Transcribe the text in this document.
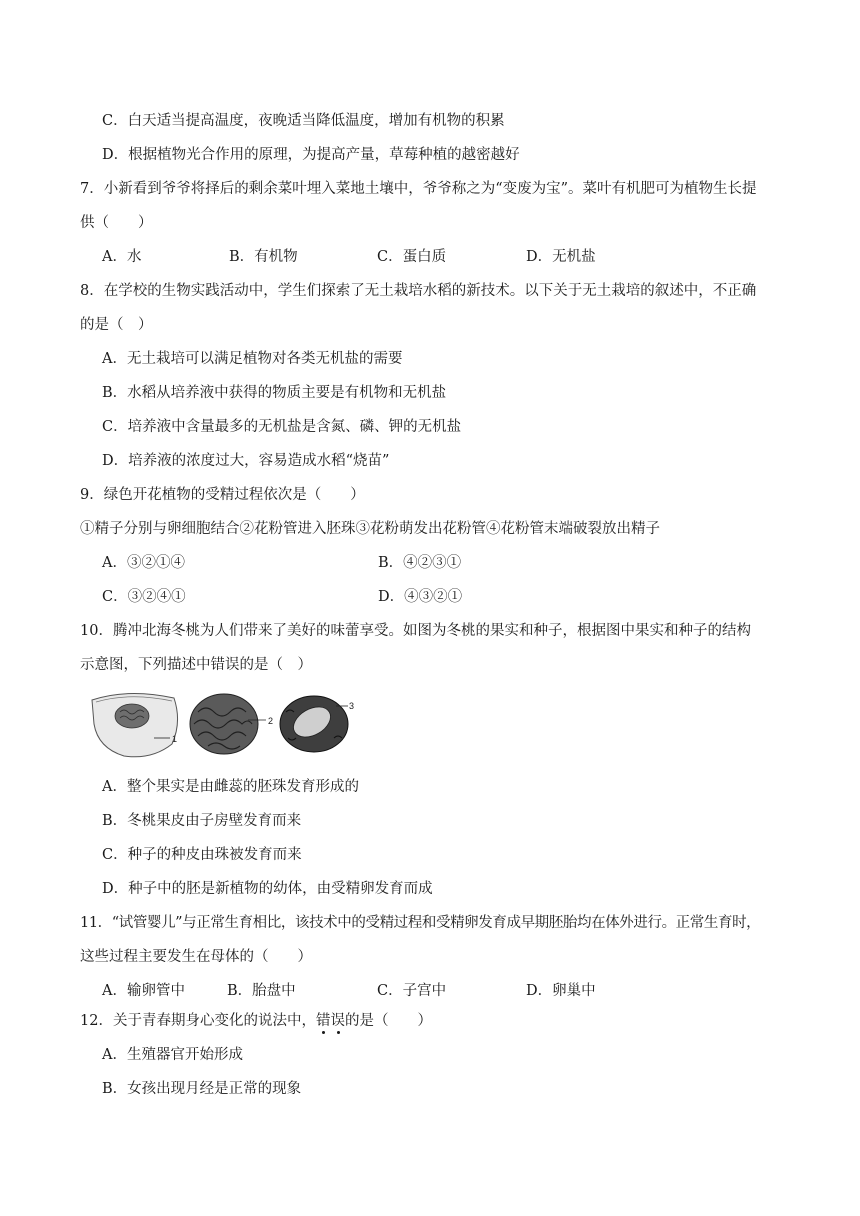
C．白天适当提高温度，夜晚适当降低温度，增加有机物的积累
D．根据植物光合作用的原理，为提高产量，草莓种植的越密越好
7．小新看到爷爷将择后的剩余菜叶埋入菜地土壤中，爷爷称之为“变废为宝”。菜叶有机肥可为植物生长提
供（　　）
A．水	B．有机物	C．蛋白质	D．无机盐
8．在学校的生物实践活动中，学生们探索了无土栽培水稻的新技术。以下关于无土栽培的叙述中，不正确
的是（　）
A．无土栽培可以满足植物对各类无机盐的需要
B．水稻从培养液中获得的物质主要是有机物和无机盐
C．培养液中含量最多的无机盐是含氮、磷、钾的无机盐
D．培养液的浓度过大，容易造成水稻“烧苗”
9．绿色开花植物的受精过程依次是（　　）
①精子分别与卵细胞结合②花粉管进入胚珠③花粉萌发出花粉管④花粉管末端破裂放出精子
A．③②①④	B．④②③①
C．③②④①	D．④③②①
10．腾冲北海冬桃为人们带来了美好的味蕾享受。如图为冬桃的果实和种子，根据图中果实和种子的结构
示意图，下列描述中错误的是（　）
1
2
3
A．整个果实是由雌蕊的胚珠发育形成的
B．冬桃果皮由子房壁发育而来
C．种子的种皮由珠被发育而来
D．种子中的胚是新植物的幼体，由受精卵发育而成
11．“试管婴儿”与正常生育相比，该技术中的受精过程和受精卵发育成早期胚胎均在体外进行。正常生育时，
这些过程主要发生在母体的（　　）
A．输卵管中	B．胎盘中	C．子宫中	D．卵巢中
12．关于青春期身心变化的说法中，错误
的是（　　）
A．生殖器官开始形成
B．女孩出现月经是正常的现象
